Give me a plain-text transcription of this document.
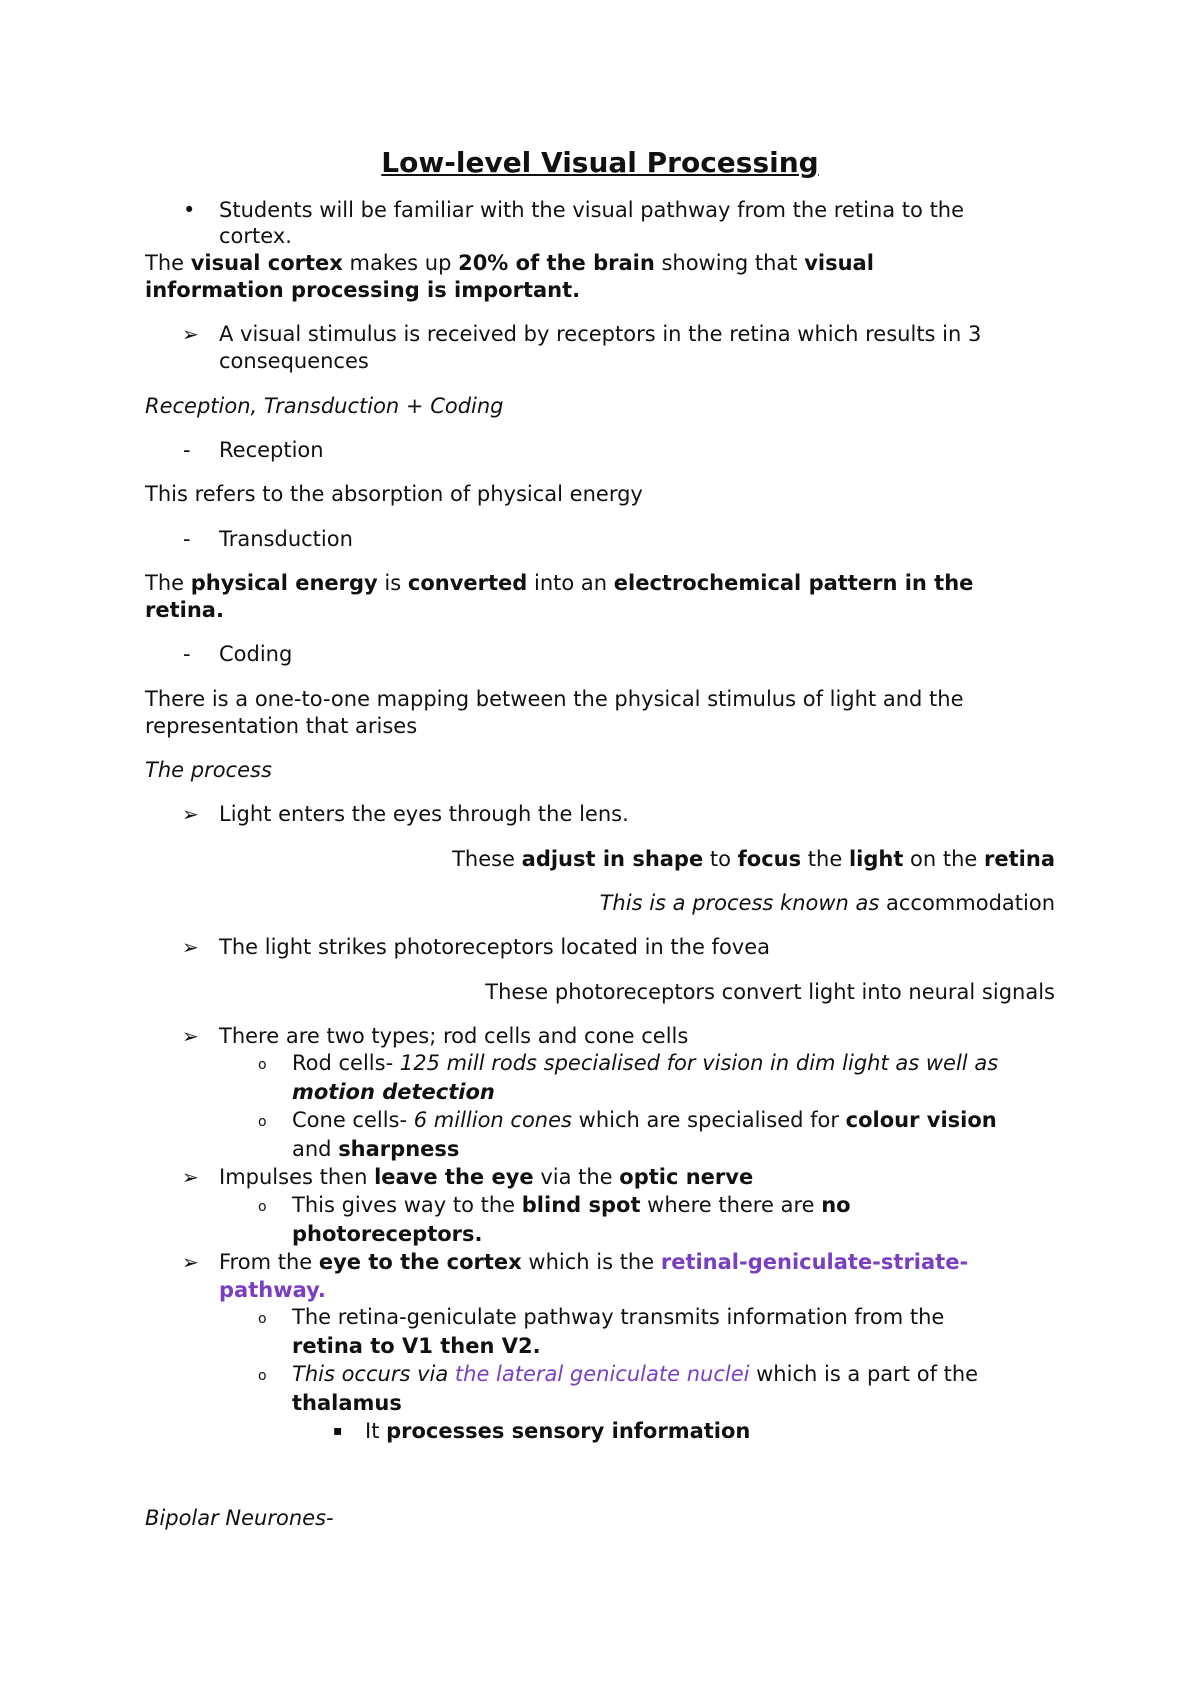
Low-level Visual Processing
• Students will be familiar with the visual pathway from the retina to the
cortex.
The visual cortex makes up 20% of the brain showing that visual
information processing is important.
➢ A visual stimulus is received by receptors in the retina which results in 3
consequences
Reception, Transduction + Coding
- Reception
This refers to the absorption of physical energy
- Transduction
The physical energy is converted into an electrochemical pattern in the
retina.
- Coding
There is a one-to-one mapping between the physical stimulus of light and the
representation that arises
The process
➢ Light enters the eyes through the lens.
These adjust in shape to focus the light on the retina
This is a process known as accommodation
➢ The light strikes photoreceptors located in the fovea
These photoreceptors convert light into neural signals
➢ There are two types; rod cells and cone cells
o Rod cells- 125 mill rods specialised for vision in dim light as well as
motion detection
o Cone cells- 6 million cones which are specialised for colour vision
and sharpness
➢ Impulses then leave the eye via the optic nerve
o This gives way to the blind spot where there are no
photoreceptors.
➢ From the eye to the cortex which is the retinal-geniculate-striate-
pathway.
o The retina-geniculate pathway transmits information from the
retina to V1 then V2.
o This occurs via the lateral geniculate nuclei which is a part of the
thalamus
▪ It processes sensory information
Bipolar Neurones-
